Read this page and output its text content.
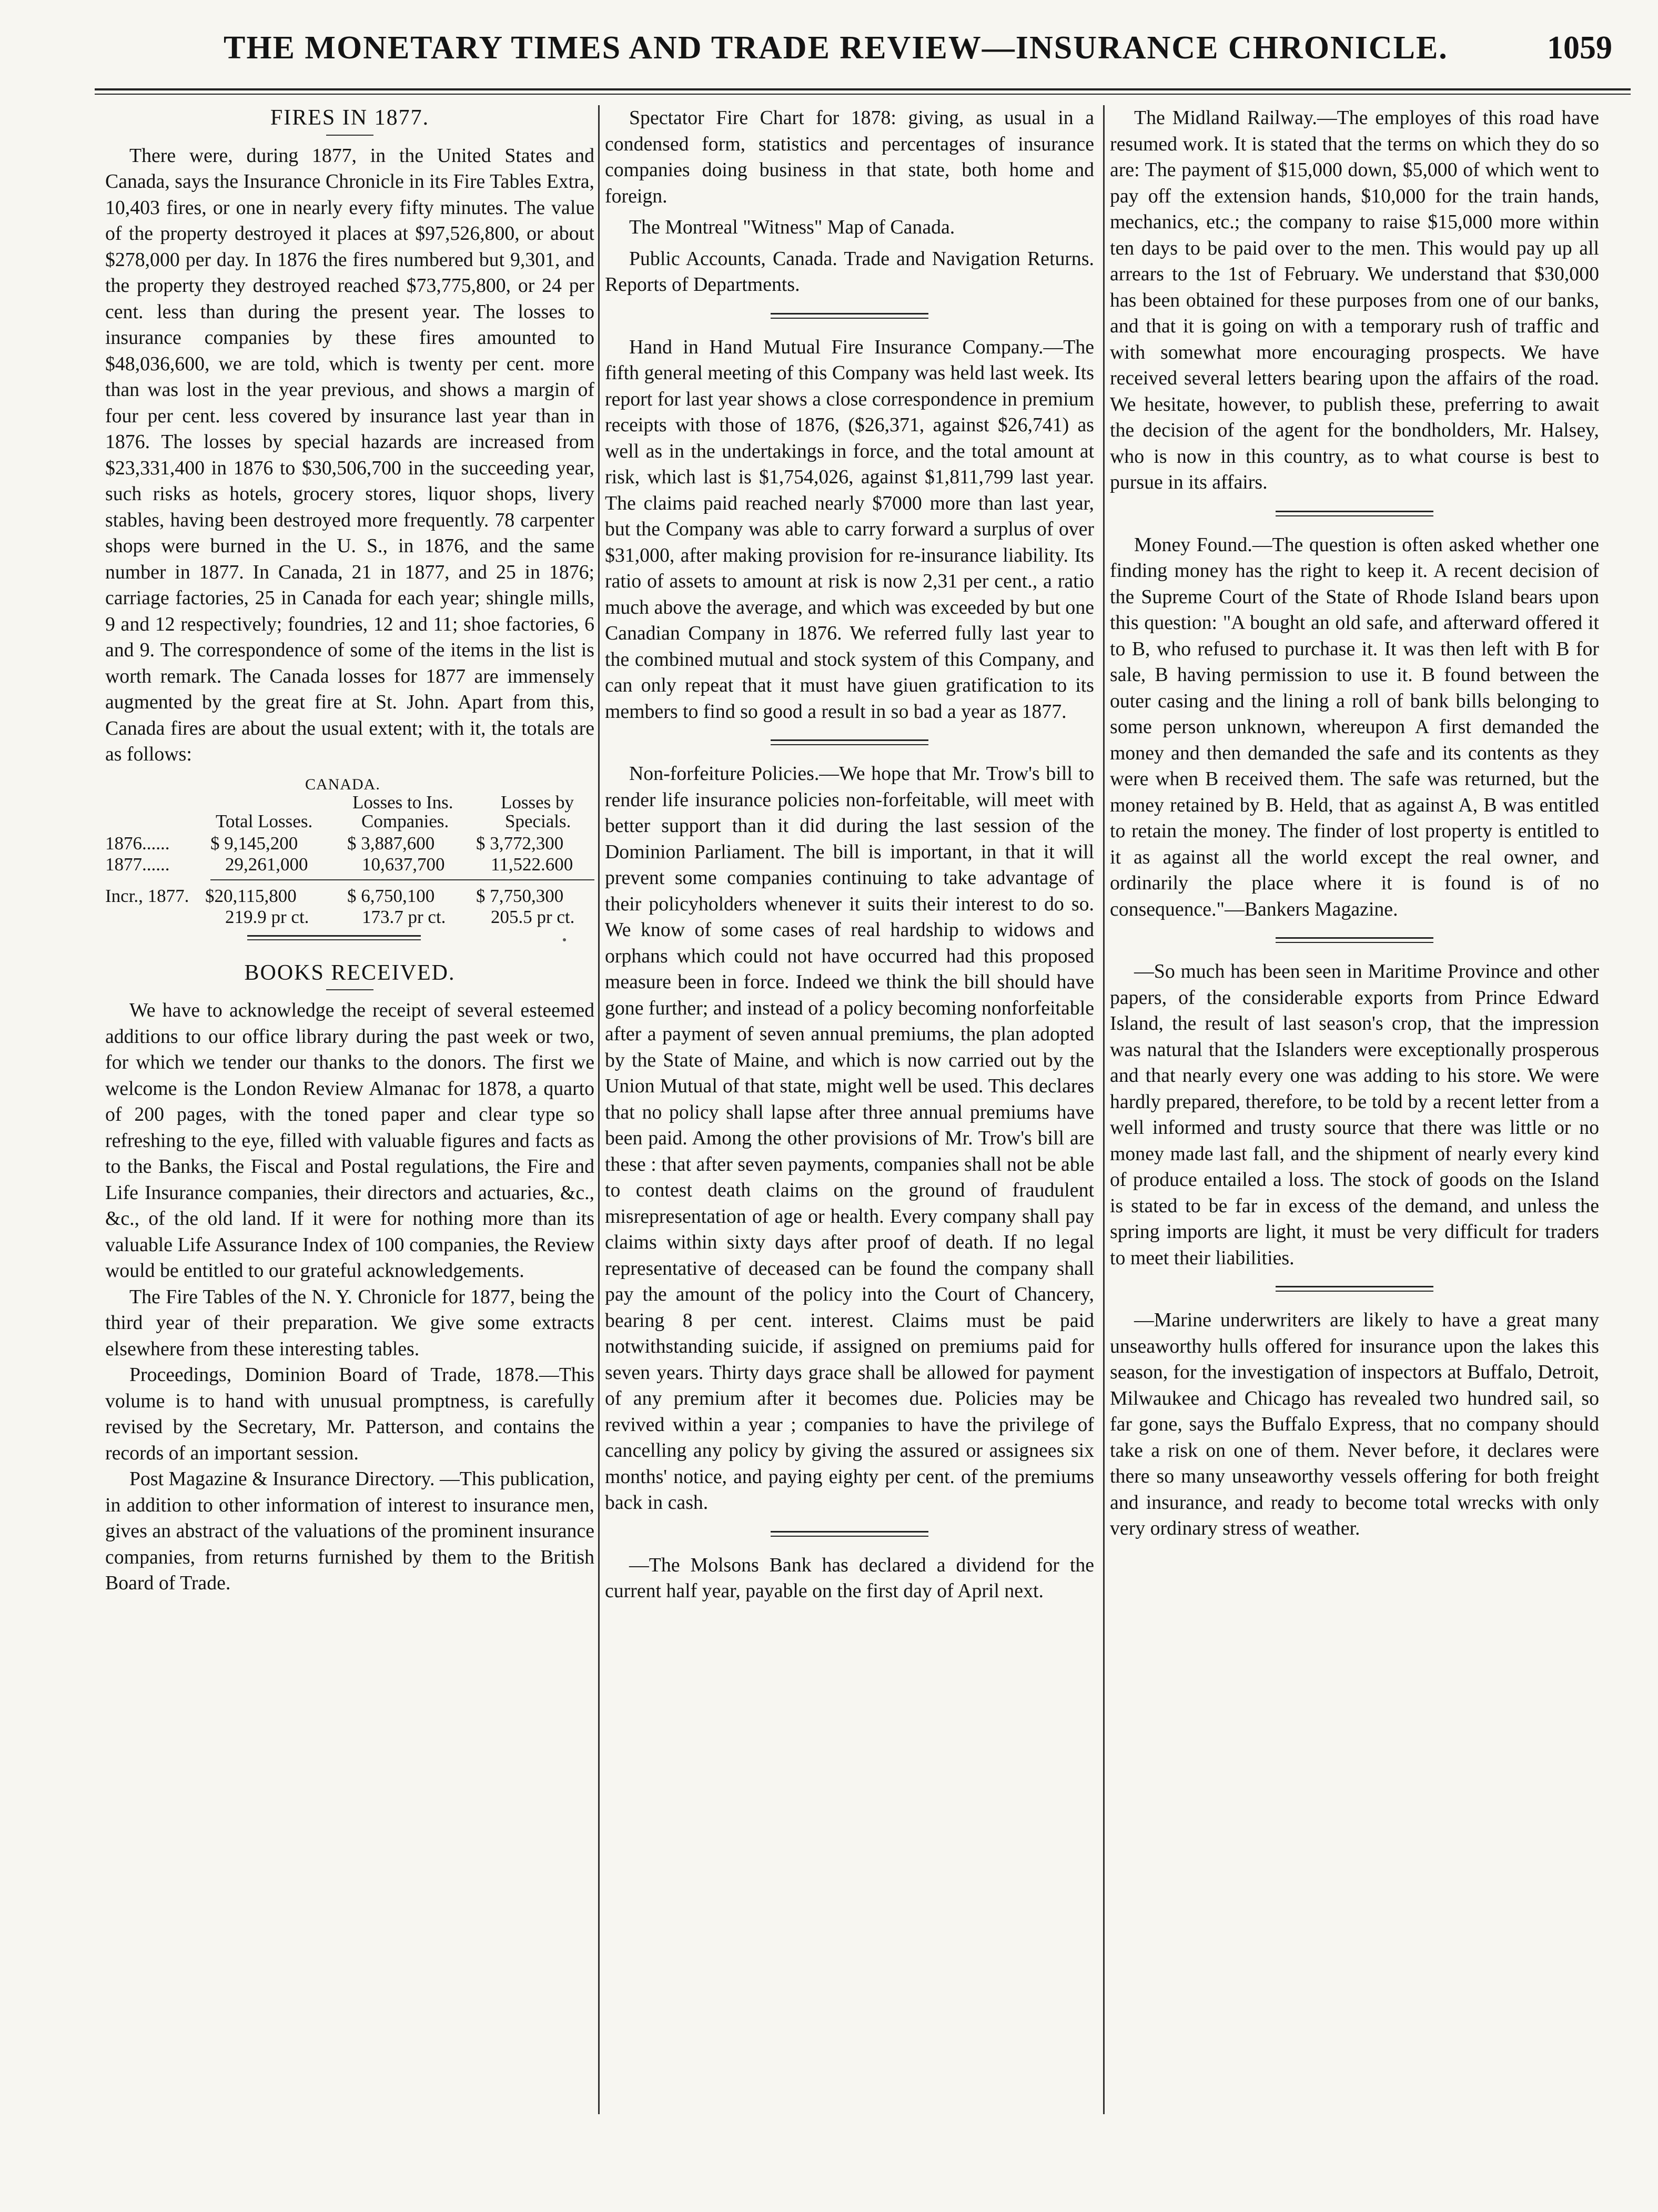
THE MONETARY TIMES AND TRADE REVIEW—INSURANCE CHRONICLE.	1059

FIRES IN 1877.

There were, during 1877, in the United States and Canada, says the Insurance Chronicle in its Fire Tables Extra, 10,403 fires, or one in nearly every fifty minutes. The value of the property destroyed it places at $97,526,800, or about $278,000 per day. In 1876 the fires numbered but 9,301, and the property they destroyed reached $73,775,800, or 24 per cent. less than during the present year. The losses to insurance companies by these fires amounted to $48,036,600, we are told, which is twenty per cent. more than was lost in the year previous, and shows a margin of four per cent. less covered by insurance last year than in 1876. The losses by special hazards are increased from $23,331,400 in 1876 to $30,506,700 in the succeeding year, such risks as hotels, grocery stores, liquor shops, livery stables, having been destroyed more frequently. 78 carpenter shops were burned in the U. S., in 1876, and the same number in 1877. In Canada, 21 in 1877, and 25 in 1876; carriage factories, 25 in Canada for each year; shingle mills, 9 and 12 respectively; foundries, 12 and 11; shoe factories, 6 and 9. The correspondence of some of the items in the list is worth remark. The Canada losses for 1877 are immensely augmented by the great fire at St. John. Apart from this, Canada fires are about the usual extent; with it, the totals are as follows:

CANADA.
Losses to Ins.	Losses by
Total Losses.	Companies.	Specials.
1876...... $ 9,145,200	$ 3,887,600 $ 3,772,300
1877......	29,261,000	10,637,700	11,522.600
Incr., 1877. $20,115,800	$ 6,750,100 $ 7,750,300
219.9 pr ct.	173.7 pr ct. 205.5 pr ct.

BOOKS RECEIVED.

We have to acknowledge the receipt of several esteemed additions to our office library during the past week or two, for which we tender our thanks to the donors. The first we welcome is the London Review Almanac for 1878, a quarto of 200 pages, with the toned paper and clear type so refreshing to the eye, filled with valuable figures and facts as to the Banks, the Fiscal and Postal regulations, the Fire and Life Insurance companies, their directors and actuaries, &c., &c., of the old land. If it were for nothing more than its valuable Life Assurance Index of 100 companies, the Review would be entitled to our grateful acknowledgements.

The Fire Tables of the N. Y. Chronicle for 1877, being the third year of their preparation. We give some extracts elsewhere from these interesting tables.

Proceedings, Dominion Board of Trade, 1878.—This volume is to hand with unusual promptness, is carefully revised by the Secretary, Mr. Patterson, and contains the records of an important session.

Post Magazine & Insurance Directory. —This publication, in addition to other information of interest to insurance men, gives an abstract of the valuations of the prominent insurance companies, from returns furnished by them to the British Board of Trade.

Spectator Fire Chart for 1878: giving, as usual in a condensed form, statistics and percentages of insurance companies doing business in that state, both home and foreign.

The Montreal "Witness" Map of Canada.

Public Accounts, Canada. Trade and Navigation Returns. Reports of Departments.

Hand in Hand Mutual Fire Insurance Company.—The fifth general meeting of this Company was held last week. Its report for last year shows a close correspondence in premium receipts with those of 1876, ($26,371, against $26,741) as well as in the undertakings in force, and the total amount at risk, which last is $1,754,026, against $1,811,799 last year. The claims paid reached nearly $7000 more than last year, but the Company was able to carry forward a surplus of over $31,000, after making provision for re-insurance liability. Its ratio of assets to amount at risk is now 2,31 per cent., a ratio much above the average, and which was exceeded by but one Canadian Company in 1876. We referred fully last year to the combined mutual and stock system of this Company, and can only repeat that it must have giuen gratification to its members to find so good a result in so bad a year as 1877.

Non-forfeiture Policies.—We hope that Mr. Trow's bill to render life insurance policies non-forfeitable, will meet with better support than it did during the last session of the Dominion Parliament. The bill is important, in that it will prevent some companies continuing to take advantage of their policyholders whenever it suits their interest to do so. We know of some cases of real hardship to widows and orphans which could not have occurred had this proposed measure been in force. Indeed we think the bill should have gone further; and instead of a policy becoming nonforfeitable after a payment of seven annual premiums, the plan adopted by the State of Maine, and which is now carried out by the Union Mutual of that state, might well be used. This declares that no policy shall lapse after three annual premiums have been paid. Among the other provisions of Mr. Trow's bill are these : that after seven payments, companies shall not be able to contest death claims on the ground of fraudulent misrepresentation of age or health. Every company shall pay claims within sixty days after proof of death. If no legal representative of deceased can be found the company shall pay the amount of the policy into the Court of Chancery, bearing 8 per cent. interest. Claims must be paid notwithstanding suicide, if assigned on premiums paid for seven years. Thirty days grace shall be allowed for payment of any premium after it becomes due. Policies may be revived within a year ; companies to have the privilege of cancelling any policy by giving the assured or assignees six months' notice, and paying eighty per cent. of the premiums back in cash.

—The Molsons Bank has declared a dividend for the current half year, payable on the first day of April next.

The Midland Railway.—The employes of this road have resumed work. It is stated that the terms on which they do so are: The payment of $15,000 down, $5,000 of which went to pay off the extension hands, $10,000 for the train hands, mechanics, etc.; the company to raise $15,000 more within ten days to be paid over to the men. This would pay up all arrears to the 1st of February. We understand that $30,000 has been obtained for these purposes from one of our banks, and that it is going on with a temporary rush of traffic and with somewhat more encouraging prospects. We have received several letters bearing upon the affairs of the road. We hesitate, however, to publish these, preferring to await the decision of the agent for the bondholders, Mr. Halsey, who is now in this country, as to what course is best to pursue in its affairs.

Money Found.—The question is often asked whether one finding money has the right to keep it. A recent decision of the Supreme Court of the State of Rhode Island bears upon this question: "A bought an old safe, and afterward offered it to B, who refused to purchase it. It was then left with B for sale, B having permission to use it. B found between the outer casing and the lining a roll of bank bills belonging to some person unknown, whereupon A first demanded the money and then demanded the safe and its contents as they were when B received them. The safe was returned, but the money retained by B. Held, that as against A, B was entitled to retain the money. The finder of lost property is entitled to it as against all the world except the real owner, and ordinarily the place where it is found is of no consequence."—Bankers Magazine.

—So much has been seen in Maritime Province and other papers, of the considerable exports from Prince Edward Island, the result of last season's crop, that the impression was natural that the Islanders were exceptionally prosperous and that nearly every one was adding to his store. We were hardly prepared, therefore, to be told by a recent letter from a well informed and trusty source that there was little or no money made last fall, and the shipment of nearly every kind of produce entailed a loss. The stock of goods on the Island is stated to be far in excess of the demand, and unless the spring imports are light, it must be very difficult for traders to meet their liabilities.

—Marine underwriters are likely to have a great many unseaworthy hulls offered for insurance upon the lakes this season, for the investigation of inspectors at Buffalo, Detroit, Milwaukee and Chicago has revealed two hundred sail, so far gone, says the Buffalo Express, that no company should take a risk on one of them. Never before, it declares were there so many unseaworthy vessels offering for both freight and insurance, and ready to become total wrecks with only very ordinary stress of weather.
